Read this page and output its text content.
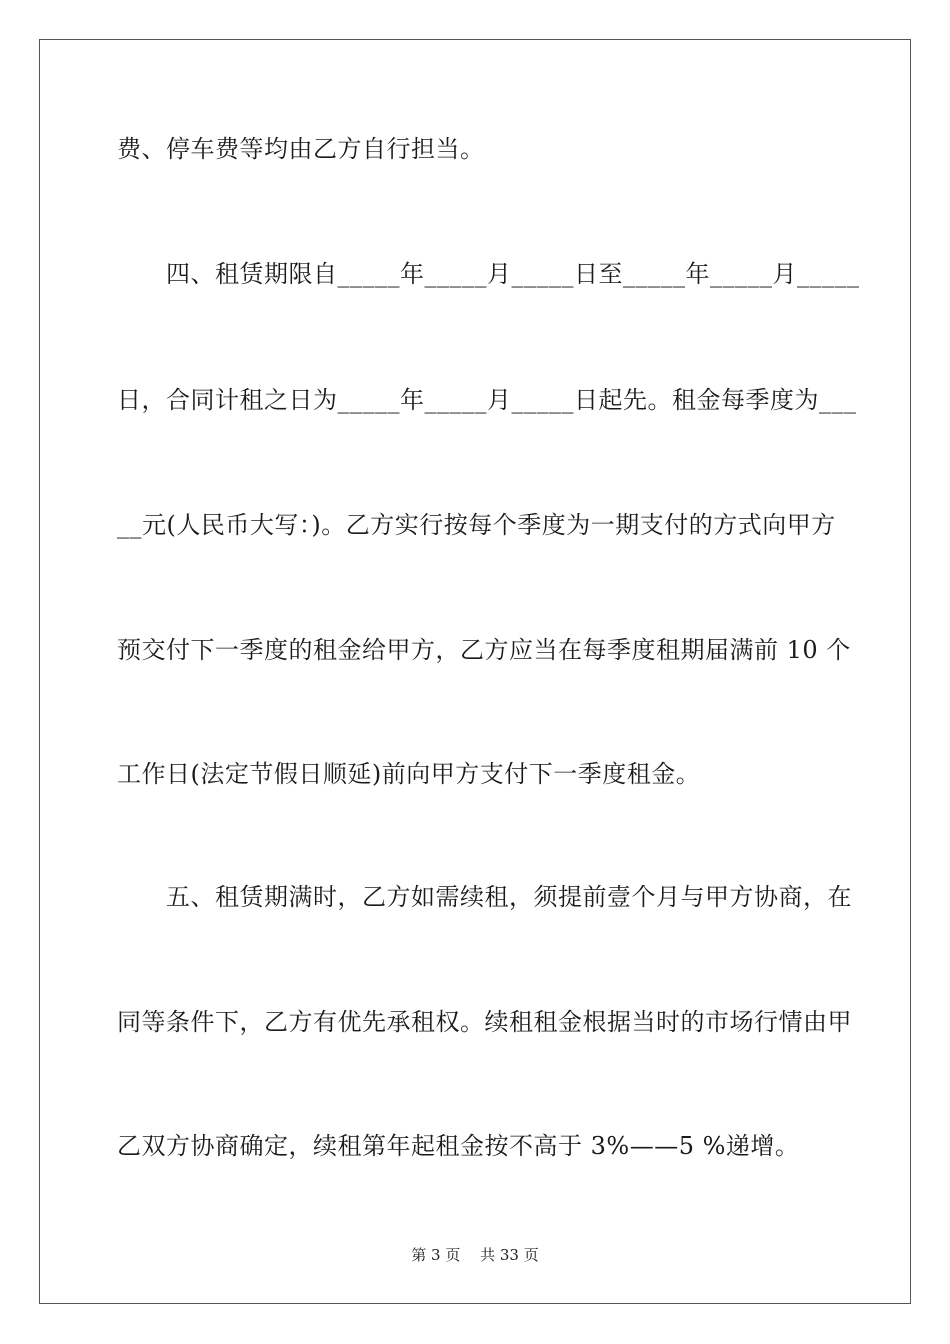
费、停车费等均由乙方自行担当。
　　四、租赁期限自_____年_____月_____日至_____年_____月_____
日，合同计租之日为_____年_____月_____日起先。租金每季度为___
__元(人民币大写：)。乙方实行按每个季度为一期支付的方式向甲方
预交付下一季度的租金给甲方，乙方应当在每季度租期届满前 10 个
工作日(法定节假日顺延)前向甲方支付下一季度租金。
　　五、租赁期满时，乙方如需续租，须提前壹个月与甲方协商，在
同等条件下，乙方有优先承租权。续租租金根据当时的市场行情由甲
乙双方协商确定，续租第年起租金按不高于 3%——5 %递增。
第 3 页　 共 33 页
